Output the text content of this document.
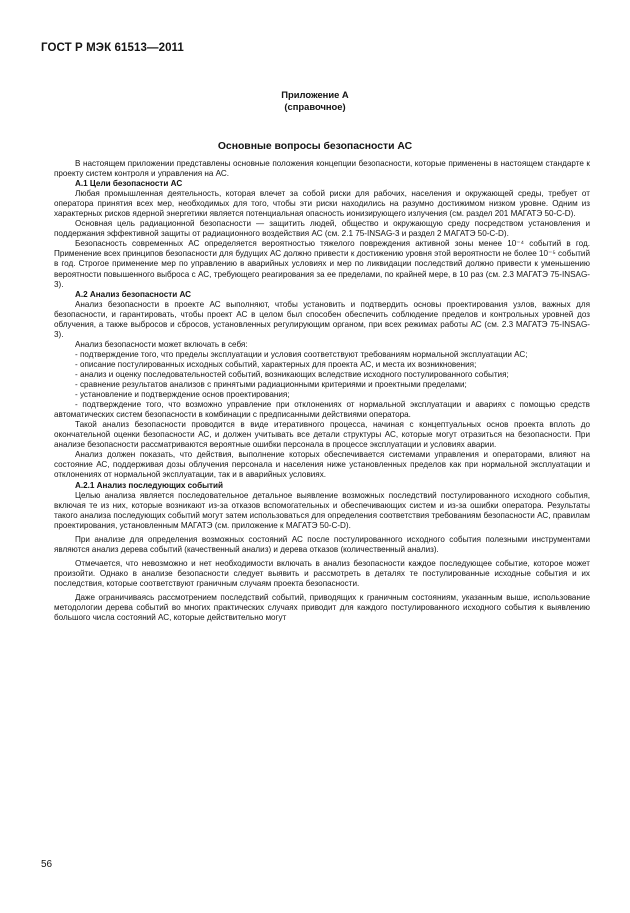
ГОСТ Р МЭК 61513—2011
Приложение А
(справочное)
Основные вопросы безопасности АС

В настоящем приложении представлены основные положения концепции безопасности, которые применены в настоящем стандарте к проекту систем контроля и управления на АС.

А.1 Цели безопасности АС

Любая промышленная деятельность, которая влечет за собой риски для рабочих, населения и окружающей среды, требует от оператора принятия всех мер, необходимых для того, чтобы эти риски находились на разумно достижимом низком уровне. Одним из характерных рисков ядерной энергетики является потенциальная опасность ионизирующего излучения (см. раздел 201 МАГАТЭ 50-С-D).

Основная цель радиационной безопасности — защитить людей, общество и окружающую среду посредством установления и поддержания эффективной защиты от радиационного воздействия АС (см. 2.1 75-INSAG-3 и раздел 2 МАГАТЭ 50-С-D).

Безопасность современных АС определяется вероятностью тяжелого повреждения активной зоны менее 10⁻⁴ событий в год. Применение всех принципов безопасности для будущих АС должно привести к достижению уровня этой вероятности не более 10⁻⁵ событий в год. Строгое применение мер по управлению в аварийных условиях и мер по ликвидации последствий должно привести к уменьшению вероятности повышенного выброса с АС, требующего реагирования за ее пределами, по крайней мере, в 10 раз (см. 2.3 МАГАТЭ 75-INSAG-3).

А.2 Анализ безопасности АС

Анализ безопасности в проекте АС выполняют, чтобы установить и подтвердить основы проектирования узлов, важных для безопасности, и гарантировать, чтобы проект АС в целом был способен обеспечить соблюдение пределов и контрольных уровней доз облучения, а также выбросов и сбросов, установленных регулирующим органом, при всех режимах работы АС (см. 2.3 МАГАТЭ 75-INSAG-3).

Анализ безопасности может включать в себя:

- подтверждение того, что пределы эксплуатации и условия соответствуют требованиям нормальной эксплуатации АС;

- описание постулированных исходных событий, характерных для проекта АС, и места их возникновения;

- анализ и оценку последовательностей событий, возникающих вследствие исходного постулированного события;

- сравнение результатов анализов с принятыми радиационными критериями и проектными пределами;

- установление и подтверждение основ проектирования;

- подтверждение того, что возможно управление при отклонениях от нормальной эксплуатации и авариях с помощью средств автоматических систем безопасности в комбинации с предписанными действиями оператора.

Такой анализ безопасности проводится в виде итеративного процесса, начиная с концептуальных основ проекта вплоть до окончательной оценки безопасности АС, и должен учитывать все детали структуры АС, которые могут отразиться на безопасности. При анализе безопасности рассматриваются вероятные ошибки персонала в процессе эксплуатации и условиях аварии.

Анализ должен показать, что действия, выполнение которых обеспечивается системами управления и операторами, влияют на состояние АС, поддерживая дозы облучения персонала и населения ниже установленных пределов как при нормальной эксплуатации и отклонениях от нормальной эксплуатации, так и в аварийных условиях.

А.2.1 Анализ последующих событий

Целью анализа является последовательное детальное выявление возможных последствий постулированного исходного события, включая те из них, которые возникают из-за отказов вспомогательных и обеспечивающих систем и из-за ошибки оператора. Результаты такого анализа последующих событий могут затем использоваться для определения соответствия требованиям безопасности АС, правилам проектирования, установленным МАГАТЭ (см. приложение к МАГАТЭ 50-С-D).

При анализе для определения возможных состояний АС после постулированного исходного события полезными инструментами являются анализ дерева событий (качественный анализ) и дерева отказов (количественный анализ).

Отмечается, что невозможно и нет необходимости включать в анализ безопасности каждое последующее событие, которое может произойти. Однако в анализе безопасности следует выявить и рассмотреть в деталях те постулированные исходные события и их последствия, которые соответствуют граничным случаям проекта безопасности.

Даже ограничиваясь рассмотрением последствий событий, приводящих к граничным состояниям, указанным выше, использование методологии дерева событий во многих практических случаях приводит для каждого постулированного исходного события к выявлению большого числа состояний АС, которые действительно могут

56
